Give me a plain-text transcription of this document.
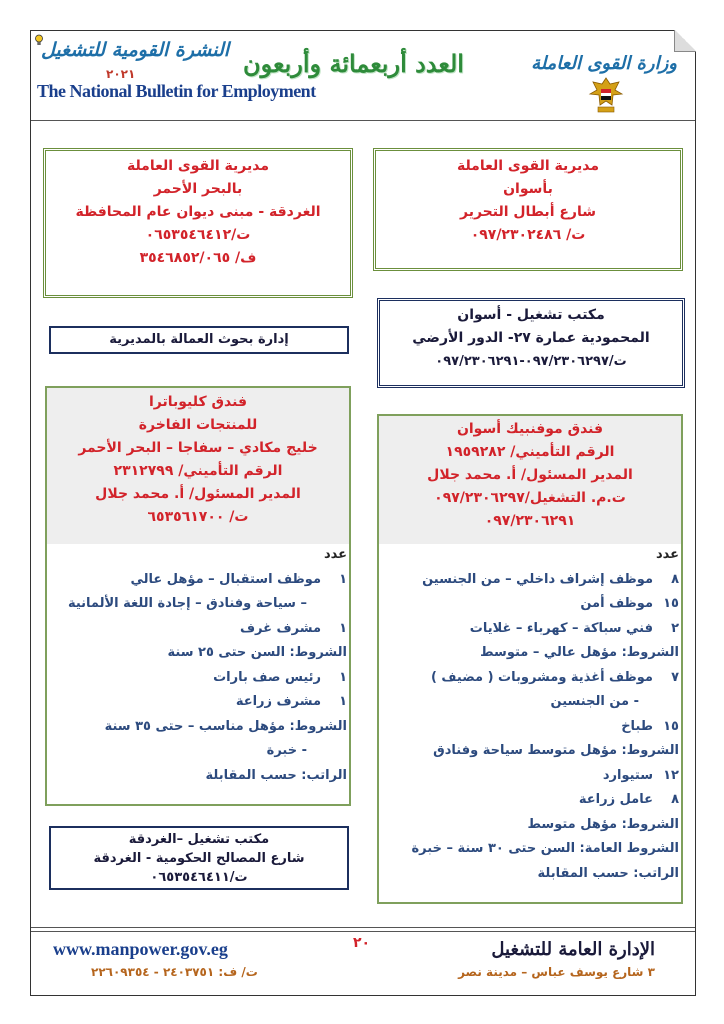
النشرة القومية للتشغيل
٢٠٢١
The National Bulletin for Employment
العدد أربعمائة وأربعون	وزارة القوى العاملة
مديرية القوى العاملة
بأسوان
شارع أبطال التحرير
ت/ ٠٩٧/٢٣٠٢٤٨٦
مديرية القوى العاملة
بالبحر الأحمر
الغردقة - مبنى ديوان عام المحافظة
ت/٠٦٥٣٥٤٦٤١٢
ف/ ٣٥٤٦٨٥٢/٠٦٥
مكتب تشغيل - أسوان
المحمودية عمارة ٢٧- الدور الأرضي
ت/٠٩٧/٢٣٠٦٢٩٧-٠٩٧/٢٣٠٦٢٩١
إدارة بحوث العمالة بالمديرية
فندق موفنبيك أسوان
الرقم التأميني/ ١٩٥٩٢٨٢
المدير المسئول/ أ. محمد جلال
ت.م. التشغيل/٠٩٧/٢٣٠٦٢٩٧
٠٩٧/٢٣٠٦٢٩١
عدد
٨موظف إشراف داخلي – من الجنسين
١٥موظف أمن
٢فني سباكة – كهرباء – غلايات
الشروط: مؤهل عالي – متوسط
٧موظف أغذية ومشروبات ( مضيف )
- من الجنسين
١٥طباخ
الشروط: مؤهل متوسط سياحة وفنادق
١٢ستيوارد
٨عامل زراعة
الشروط: مؤهل متوسط
الشروط العامة: السن حتى ٣٠ سنة – خبرة
الراتب: حسب المقابلة
فندق كليوباترا
للمنتجات الفاخرة
خليج مكادي – سفاجا – البحر الأحمر
الرقم التأميني/ ٢٣١٢٧٩٩
المدير المسئول/ أ. محمد جلال
ت/ ٦٥٣٥٦١٧٠٠
عدد
١موظف استقبال – مؤهل عالي
– سياحة وفنادق – إجادة اللغة الألمانية
١مشرف غرف
الشروط: السن حتى ٢٥ سنة
١رئيس صف بارات
١مشرف زراعة
الشروط: مؤهل مناسب – حتى ٣٥ سنة
- خبرة
الراتب: حسب المقابلة
مكتب تشغيل –الغردقة
شارع المصالح الحكومية - الغردقة
ت/٠٦٥٣٥٤٦٤١١
www.manpower.gov.eg	٢٠	الإدارة العامة للتشغيل
٣ شارع يوسف عباس – مدينة نصر
ت/ ف: ٢٤٠٣٧٥١ - ٢٢٦٠٩٣٥٤
